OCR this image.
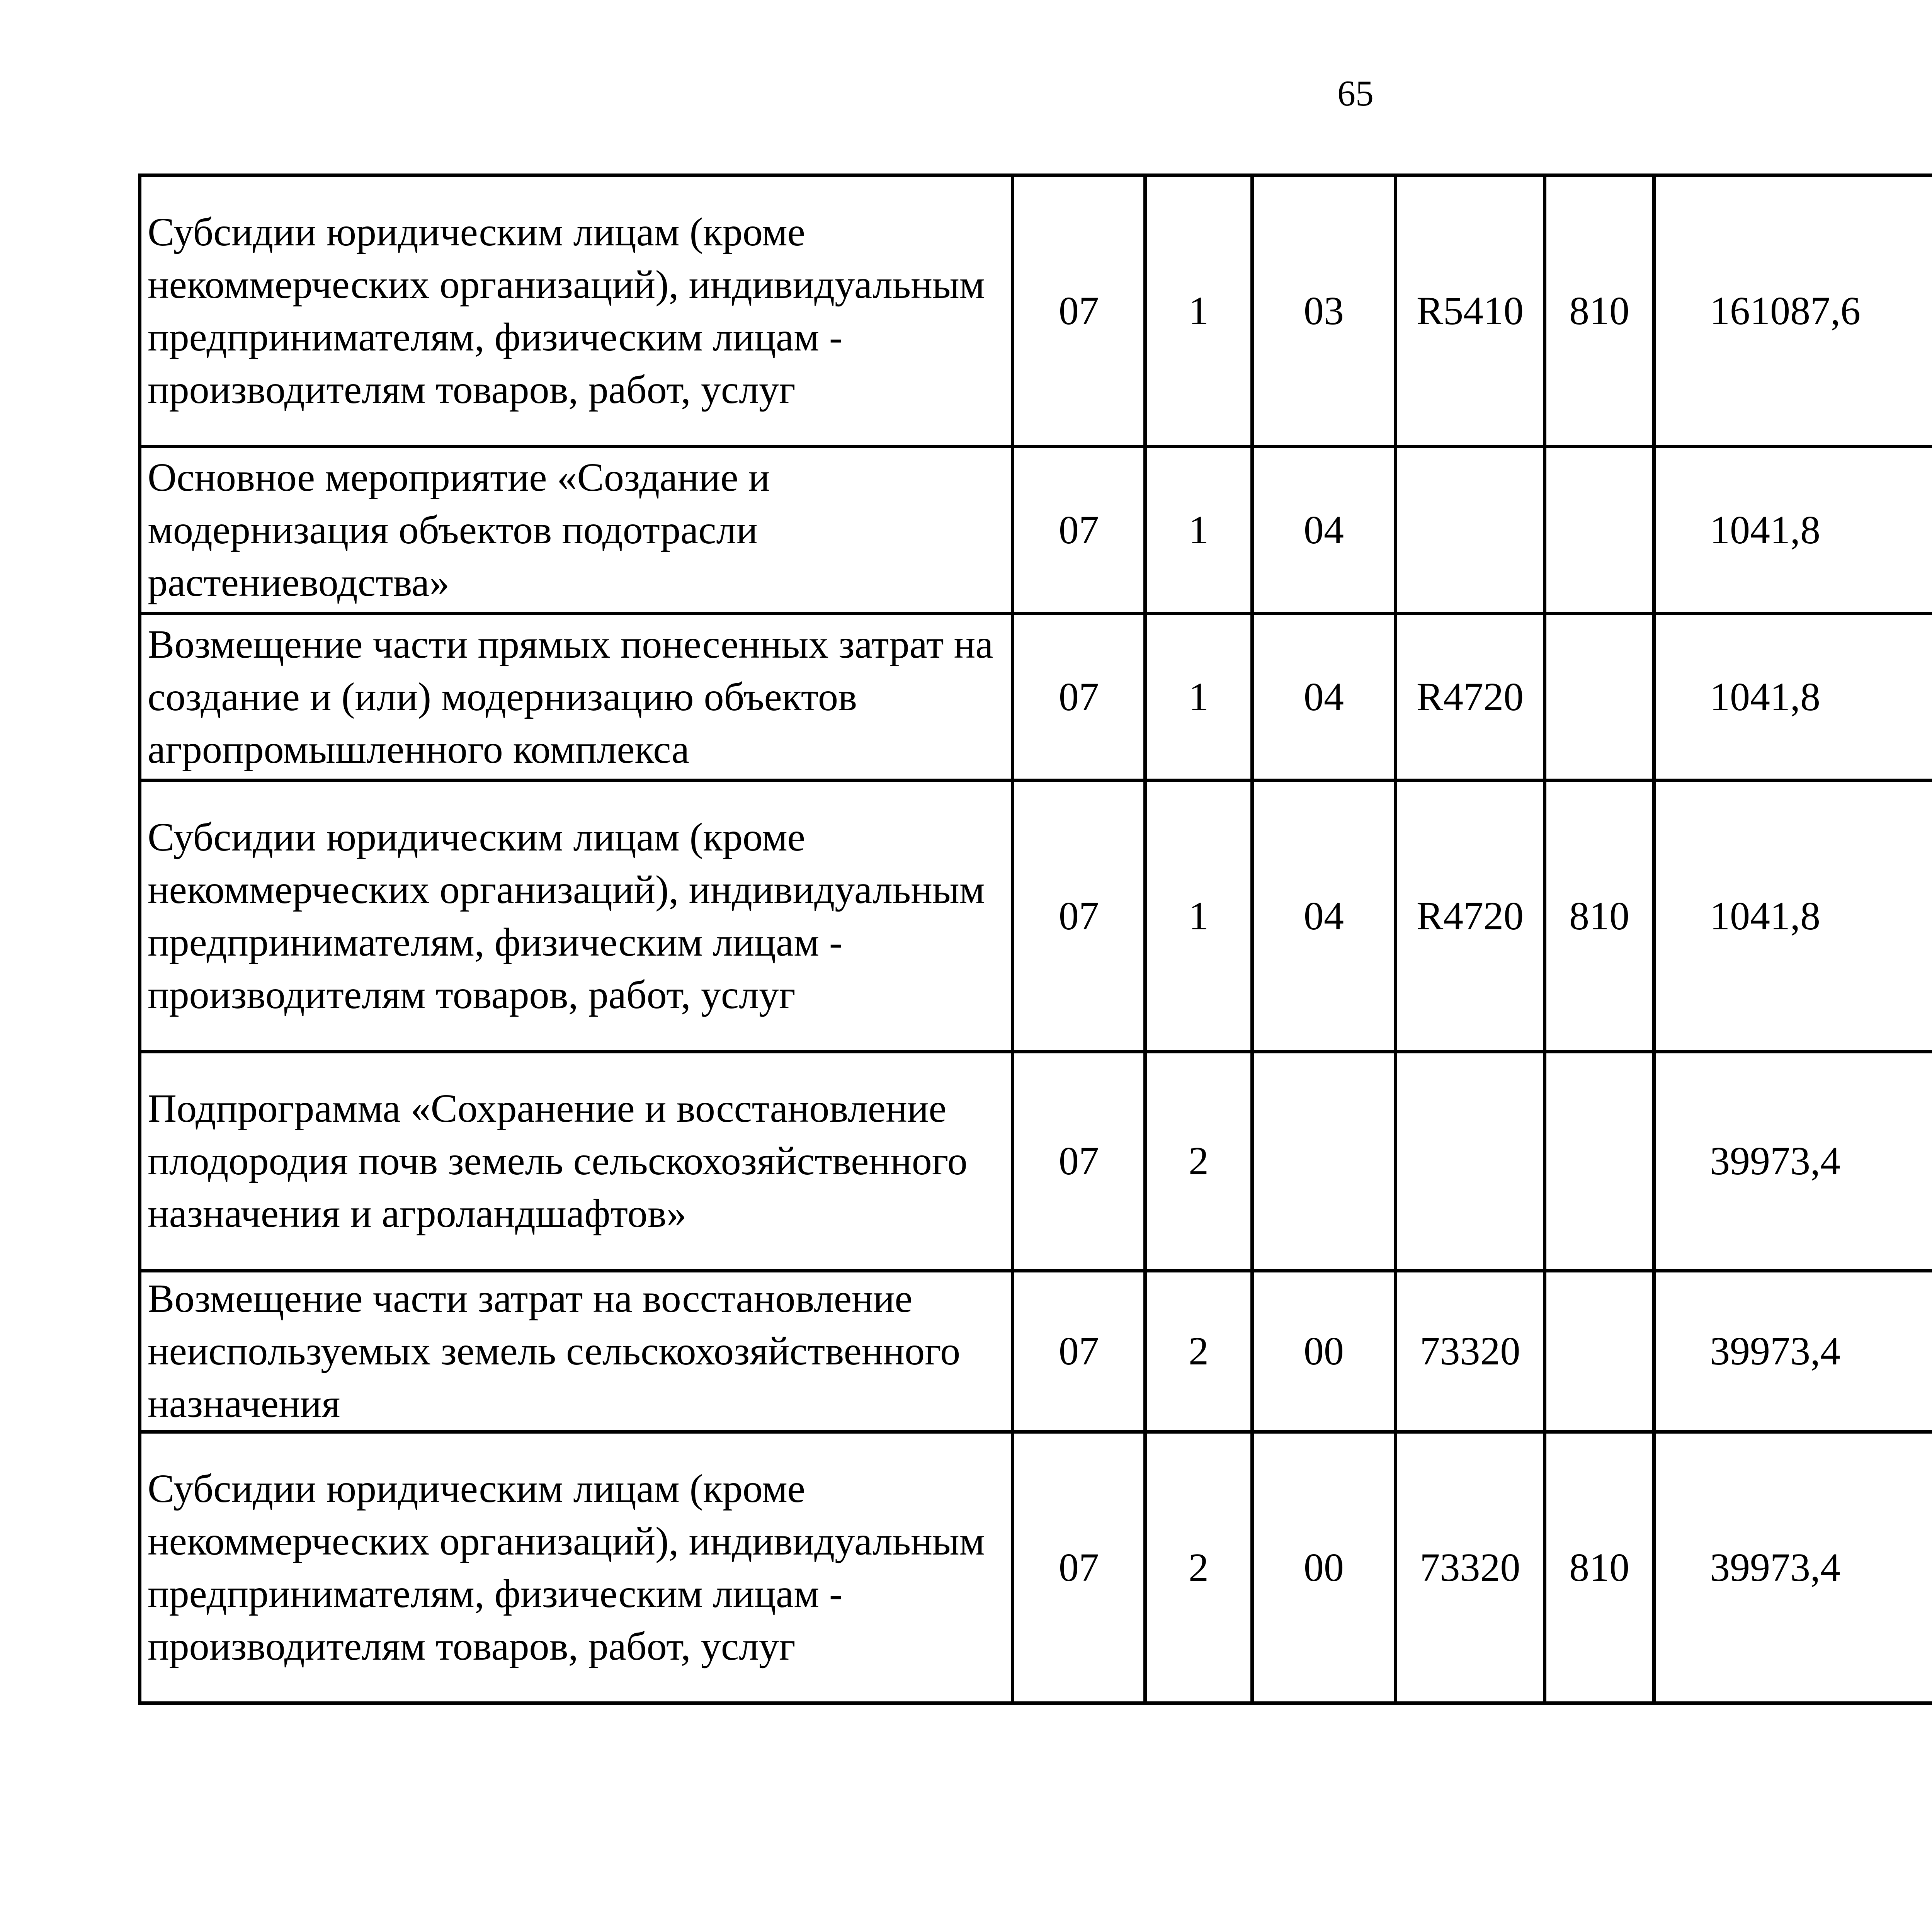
65
Субсидии юридическим лицам (кроме некоммерческих организаций), индивидуальным предпринимателям, физическим лицам - производителям товаров, работ, услуг	07	1	03	R5410	810	161087,6		
Основное мероприятие «Создание и модернизация объектов подотрасли растениеводства»	07	1	04			1041,8		
Возмещение части прямых понесенных затрат на создание и (или) модернизацию объектов агропромышленного комплекса	07	1	04	R4720		1041,8		
Субсидии юридическим лицам (кроме некоммерческих организаций), индивидуальным предпринимателям, физическим лицам - производителям товаров, работ, услуг	07	1	04	R4720	810	1041,8		
Подпрограмма «Сохранение и восстановление плодородия почв земель сельскохозяйственного назначения и агроландшафтов»	07	2				39973,4		
Возмещение части затрат на восстановление неиспользуемых земель сельскохозяйственного назначения	07	2	00	73320		39973,4		
Субсидии юридическим лицам (кроме некоммерческих организаций), индивидуальным предпринимателям, физическим лицам - производителям товаров, работ, услуг	07	2	00	73320	810	39973,4		
